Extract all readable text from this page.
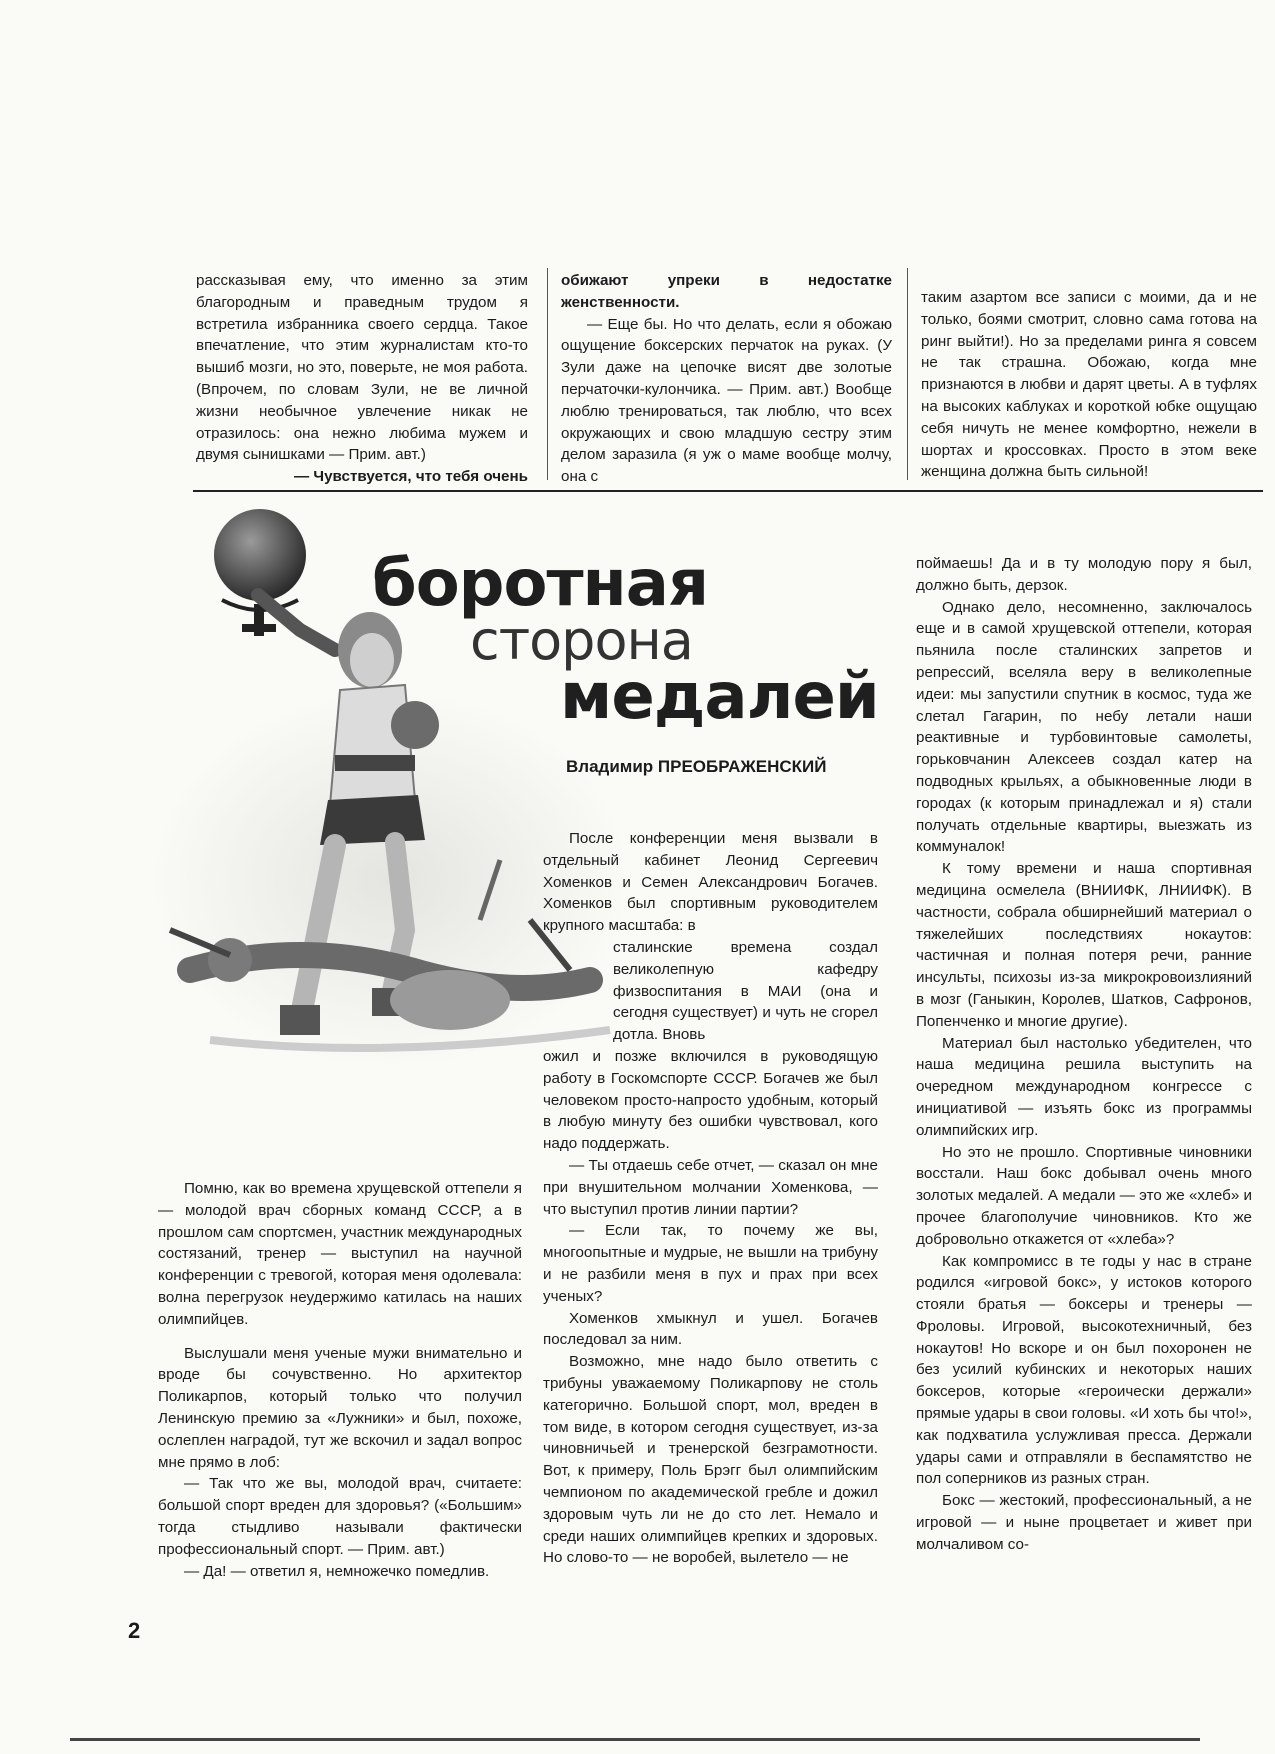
рассказывая ему, что именно за этим благородным и праведным трудом я встретила избранника своего сердца. Такое впечатление, что этим журналистам кто-то вышиб мозги, но это, поверьте, не моя работа. (Впрочем, по словам Зули, не ве личной жизни необычное увлечение никак не отразилось: она нежно любима мужем и двумя сынишками — Прим. авт.)

— Чувствуется, что тебя очень

обижают упреки в недостатке женственности.

— Еще бы. Но что делать, если я обожаю ощущение боксерских перчаток на руках. (У Зули даже на цепочке висят две золотые перчаточки-кулончика. — Прим. авт.) Вообще люблю тренироваться, так люблю, что всех окружающих и свою младшую сестру этим делом заразила (я уж о маме вообще молчу, она с

таким азартом все записи с моими, да и не только, боями смотрит, словно сама готова на ринг выйти!). Но за пределами ринга я совсем не так страшна. Обожаю, когда мне признаются в любви и дарят цветы. А в туфлях на высоких каблуках и короткой юбке ощущаю себя ничуть не менее комфортно, нежели в шортах и кроссовках. Просто в этом веке женщина должна быть сильной!

боротная
сторона
медалей
Владимир ПРЕОБРАЖЕНСКИЙ

После конференции меня вызвали в отдельный кабинет Леонид Сергеевич Хоменков и Семен Александрович Богачев. Хоменков был спортивным руководителем крупного масштаба: в

сталинские времена создал великолепную кафедру физвоспитания в МАИ (она и сегодня существует) и чуть не сгорел дотла. Вновь

ожил и позже включился в руководящую работу в Госкомспорте СССР. Богачев же был человеком просто-напросто удобным, который в любую минуту без ошибки чувствовал, кого надо поддержать.

— Ты отдаешь себе отчет, — сказал он мне при внушительном молчании Хоменкова, — что выступил против линии партии?

— Если так, то почему же вы, многоопытные и мудрые, не вышли на трибуну и не разбили меня в пух и прах при всех ученых?

Хоменков хмыкнул и ушел. Богачев последовал за ним.

Возможно, мне надо было ответить с трибуны уважаемому Поликарпову не столь категорично. Большой спорт, мол, вреден в том виде, в котором сегодня существует, из-за чиновничьей и тренерской безграмотности. Вот, к примеру, Поль Брэгг был олимпийским чемпионом по академической гребле и дожил здоровым чуть ли не до сто лет. Немало и среди наших олимпийцев крепких и здоровых. Но слово-то — не воробей, вылетело — не

Помню, как во времена хрущевской оттепели я — молодой врач сборных команд СССР, а в прошлом сам спортсмен, участник международных состязаний, тренер — выступил на научной конференции с тревогой, которая меня одолевала: волна перегрузок неудержимо катилась на наших олимпийцев.

Выслушали меня ученые мужи внимательно и вроде бы сочувственно. Но архитектор Поликарпов, который только что получил Ленинскую премию за «Лужники» и был, похоже, ослеплен наградой, тут же вскочил и задал вопрос мне прямо в лоб:

— Так что же вы, молодой врач, считаете: большой спорт вреден для здоровья? («Большим» тогда стыдливо называли фактически профессиональный спорт. — Прим. авт.)

— Да! — ответил я, немножечко помедлив.

поймаешь! Да и в ту молодую пору я был, должно быть, дерзок.

Однако дело, несомненно, заключалось еще и в самой хрущевской оттепели, которая пьянила после сталинских запретов и репрессий, вселяла веру в великолепные идеи: мы запустили спутник в космос, туда же слетал Гагарин, по небу летали наши реактивные и турбовинтовые самолеты, горьковчанин Алексеев создал катер на подводных крыльях, а обыкновенные люди в городах (к которым принадлежал и я) стали получать отдельные квартиры, выезжать из коммуналок!

К тому времени и наша спортивная медицина осмелела (ВНИИФК, ЛНИИФК). В частности, собрала обширнейший материал о тяжелейших последствиях нокаутов: частичная и полная потеря речи, ранние инсульты, психозы из-за микрокровоизлияний в мозг (Ганыкин, Королев, Шатков, Сафронов, Попенченко и многие другие).

Материал был настолько убедителен, что наша медицина решила выступить на очередном международном конгрессе с инициативой — изъять бокс из программы олимпийских игр.

Но это не прошло. Спортивные чиновники восстали. Наш бокс добывал очень много золотых медалей. А медали — это же «хлеб» и прочее благополучие чиновников. Кто же добровольно откажется от «хлеба»?

Как компромисс в те годы у нас в стране родился «игровой бокс», у истоков которого стояли братья — боксеры и тренеры — Фроловы. Игровой, высокотехничный, без нокаутов! Но вскоре и он был похоронен не без усилий кубинских и некоторых наших боксеров, которые «героически держали» прямые удары в свои головы. «И хоть бы что!», как подхватила услужливая пресса. Держали удары сами и отправляли в беспамятство не пол соперников из разных стран.

Бокс — жестокий, профессиональный, а не игровой — и ныне процветает и живет при молчаливом со-

2
